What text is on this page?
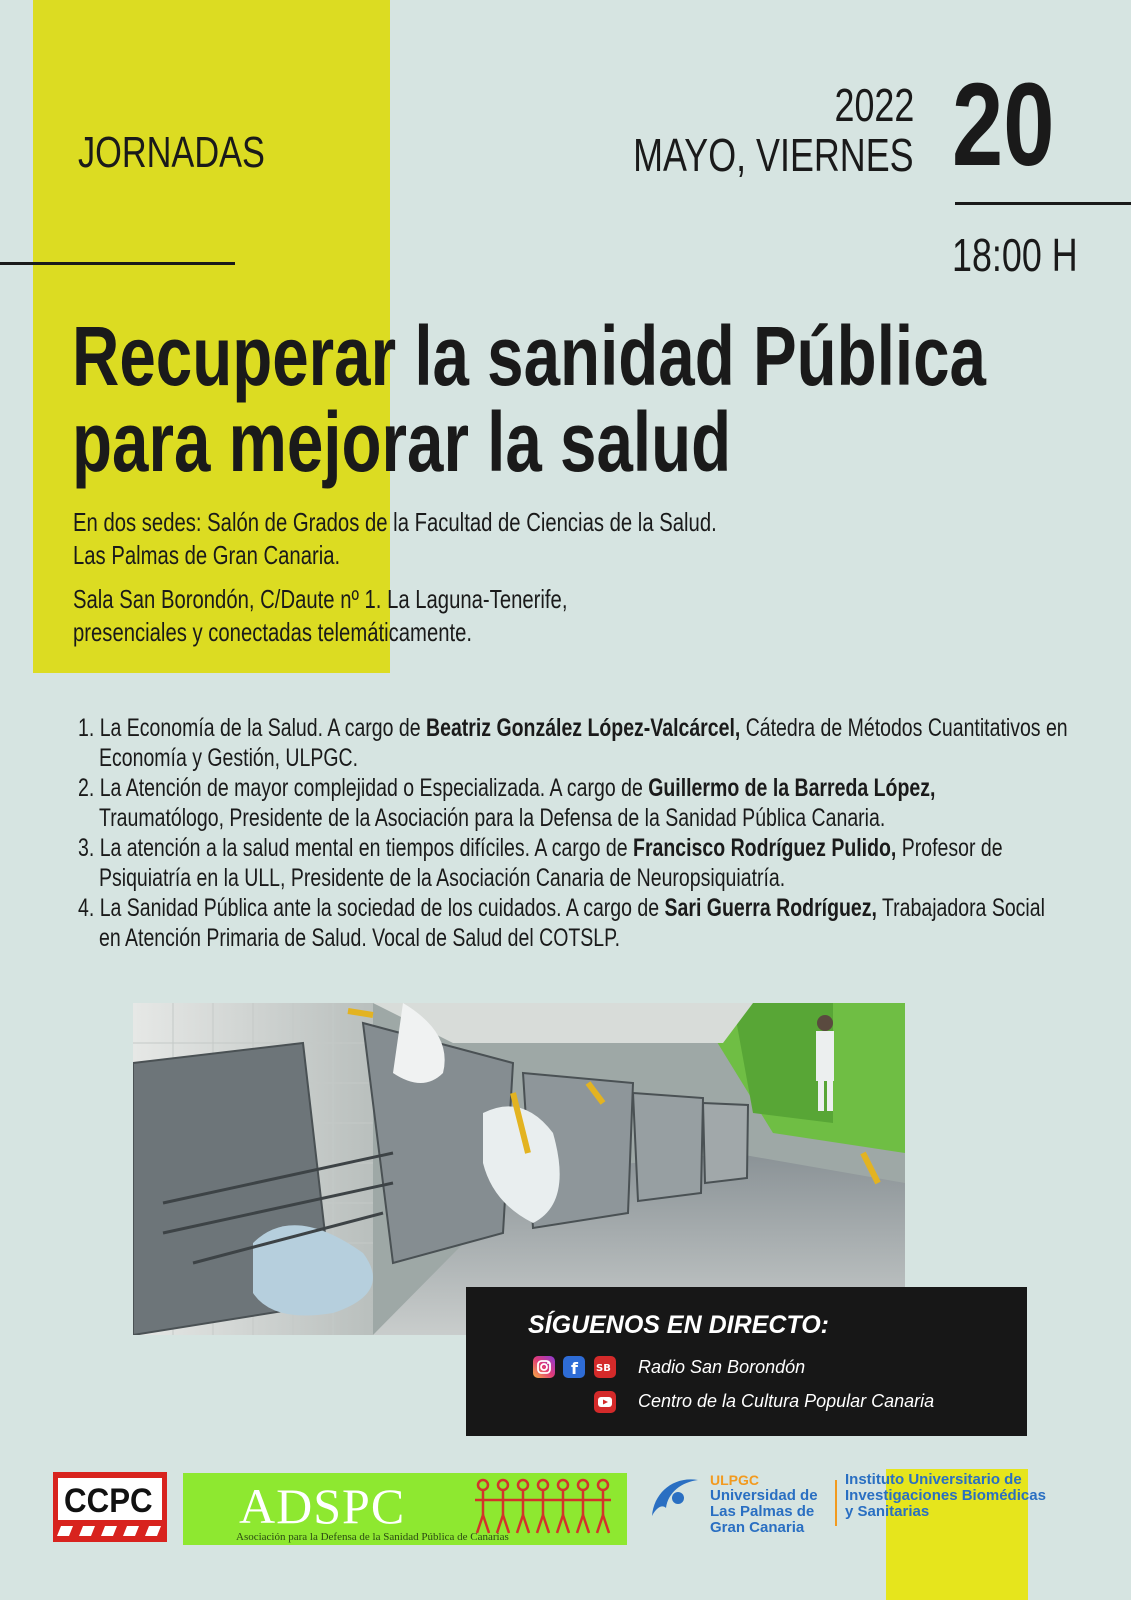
JORNADAS
2022
MAYO, VIERNES 20
18:00 H
Recuperar la sanidad Pública
para mejorar la salud
En dos sedes: Salón de Grados de la Facultad de Ciencias de la Salud.
Las Palmas de Gran Canaria.
Sala San Borondón, C/Daute nº 1. La Laguna-Tenerife,
presenciales y conectadas telemáticamente.
1. La Economía de la Salud. A cargo de Beatriz González López-Valcárcel, Cátedra de Métodos Cuantitativos en
Economía y Gestión, ULPGC.
2. La Atención de mayor complejidad o Especializada. A cargo de Guillermo de la Barreda López,
Traumatólogo, Presidente de la Asociación para la Defensa de la Sanidad Pública Canaria.
3. La atención a la salud mental en tiempos difíciles. A cargo de Francisco Rodríguez Pulido, Profesor de
Psiquiatría en la ULL, Presidente de la Asociación Canaria de Neuropsiquiatría.
4. La Sanidad Pública ante la sociedad de los cuidados. A cargo de Sari Guerra Rodríguez, Trabajadora Social
en Atención Primaria de Salud. Vocal de Salud del COTSLP.
SÍGUENOS EN DIRECTO:
f SB Radio San Borondón
Centro de la Cultura Popular Canaria
CCPC ADSPC
Asociación para la Defensa de la Sanidad Pública de Canarias
ULPGC
Universidad de
Las Palmas de
Gran Canaria
Instituto Universitario de
Investigaciones Biomédicas
y Sanitarias
